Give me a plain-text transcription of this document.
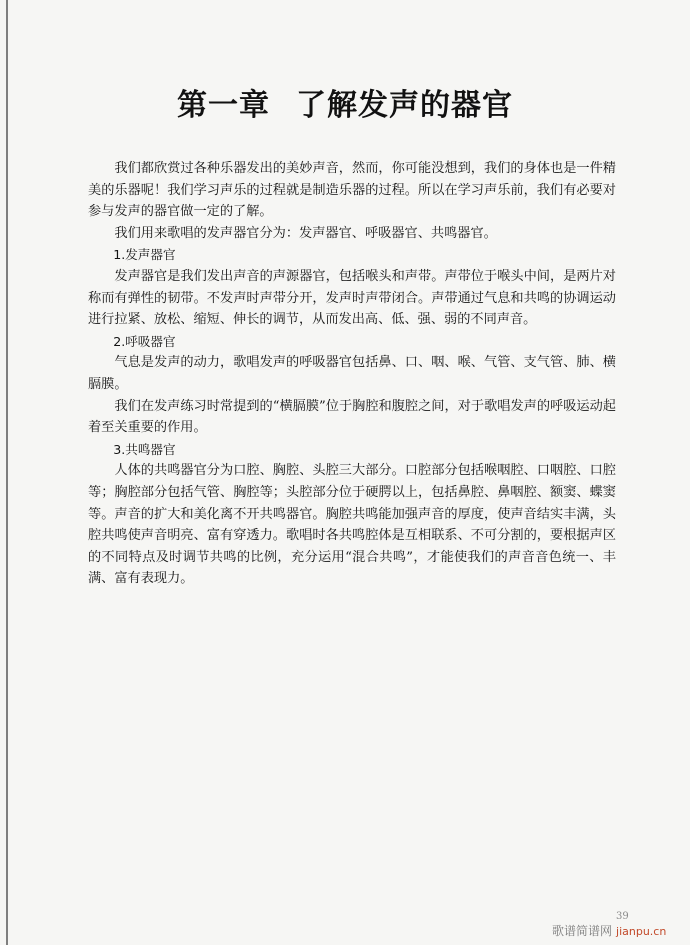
第一章 了解发声的器官

我们都欣赏过各种乐器发出的美妙声音，然而，你可能没想到，我们的身体也是一件精美的乐器呢！我们学习声乐的过程就是制造乐器的过程。所以在学习声乐前，我们有必要对参与发声的器官做一定的了解。

我们用来歌唱的发声器官分为：发声器官、呼吸器官、共鸣器官。

1.发声器官

发声器官是我们发出声音的声源器官，包括喉头和声带。声带位于喉头中间，是两片对称而有弹性的韧带。不发声时声带分开，发声时声带闭合。声带通过气息和共鸣的协调运动进行拉紧、放松、缩短、伸长的调节，从而发出高、低、强、弱的不同声音。

2.呼吸器官

气息是发声的动力，歌唱发声的呼吸器官包括鼻、口、咽、喉、气管、支气管、肺、横膈膜。

我们在发声练习时常提到的“横膈膜”位于胸腔和腹腔之间，对于歌唱发声的呼吸运动起着至关重要的作用。

3.共鸣器官

人体的共鸣器官分为口腔、胸腔、头腔三大部分。口腔部分包括喉咽腔、口咽腔、口腔等；胸腔部分包括气管、胸腔等；头腔部分位于硬腭以上，包括鼻腔、鼻咽腔、额窦、蝶窦等。声音的扩大和美化离不开共鸣器官。胸腔共鸣能加强声音的厚度，使声音结实丰满，头腔共鸣使声音明亮、富有穿透力。歌唱时各共鸣腔体是互相联系、不可分割的，要根据声区的不同特点及时调节共鸣的比例，充分运用“混合共鸣”，才能使我们的声音音色统一、丰满、富有表现力。

39
歌谱简谱网 jianpu.cn
